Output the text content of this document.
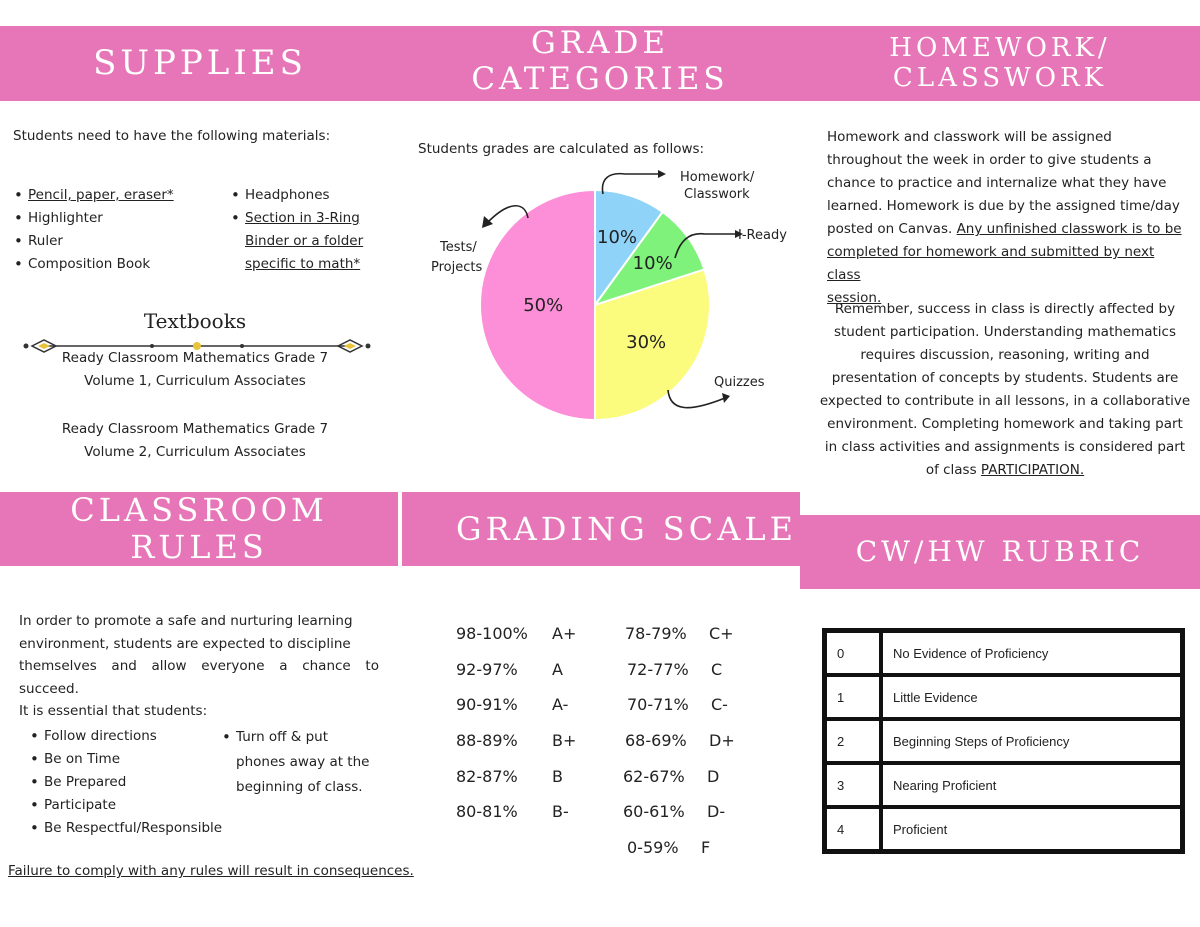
SUPPLIES	GRADE CATEGORIES
HOMEWORK/
CLASSWORK
CLASSROOM RULES	GRADING SCALE
CW/HW RUBRIC
Students need to have the following materials:
• Pencil, paper, eraser*
• Highlighter
• Ruler
• Composition Book
• Headphones
• Section in 3-Ring
Binder or a folder
specific to math*
Textbooks
Ready Classroom Mathematics Grade 7
Volume 1, Curriculum Associates
Ready Classroom Mathematics Grade 7
Volume 2, Curriculum Associates
Students grades are calculated as follows:
10%
10%
30%
50%
Homework/
Classwork
I-Ready
Quizzes
Tests/
Projects
Homework and classwork will be assigned
throughout the week in order to give students a
chance to practice and internalize what they have
learned. Homework is due by the assigned time/day
posted on Canvas. Any unfinished classwork is to be
completed for homework and submitted by next class
session.
Remember, success in class is directly affected by
student participation. Understanding mathematics
requires discussion, reasoning, writing and
presentation of concepts by students. Students are
expected to contribute in all lessons, in a collaborative
environment. Completing homework and taking part
in class activities and assignments is considered part
of class PARTICIPATION.
In order to promote a safe and nurturing learning
environment, students are expected to discipline
themselves and allow everyone a chance to succeed.
It is essential that students:
• Follow directions
• Be on Time
• Be Prepared
• Participate
• Be Respectful/Responsible
• Turn off & put
phones away at the
beginning of class.
Failure to comply with any rules will result in consequences.
98-100% A+
92-97% A
90-91% A-
88-89% B+
82-87% B
80-81% B-
78-79% C+
72-77% C
70-71% C-
68-69% D+
62-67% D
60-61% D-
0-59% F
0	No Evidence of Proficiency
1	Little Evidence
2	Beginning Steps of Proficiency
3	Nearing Proficient
4	Proficient
